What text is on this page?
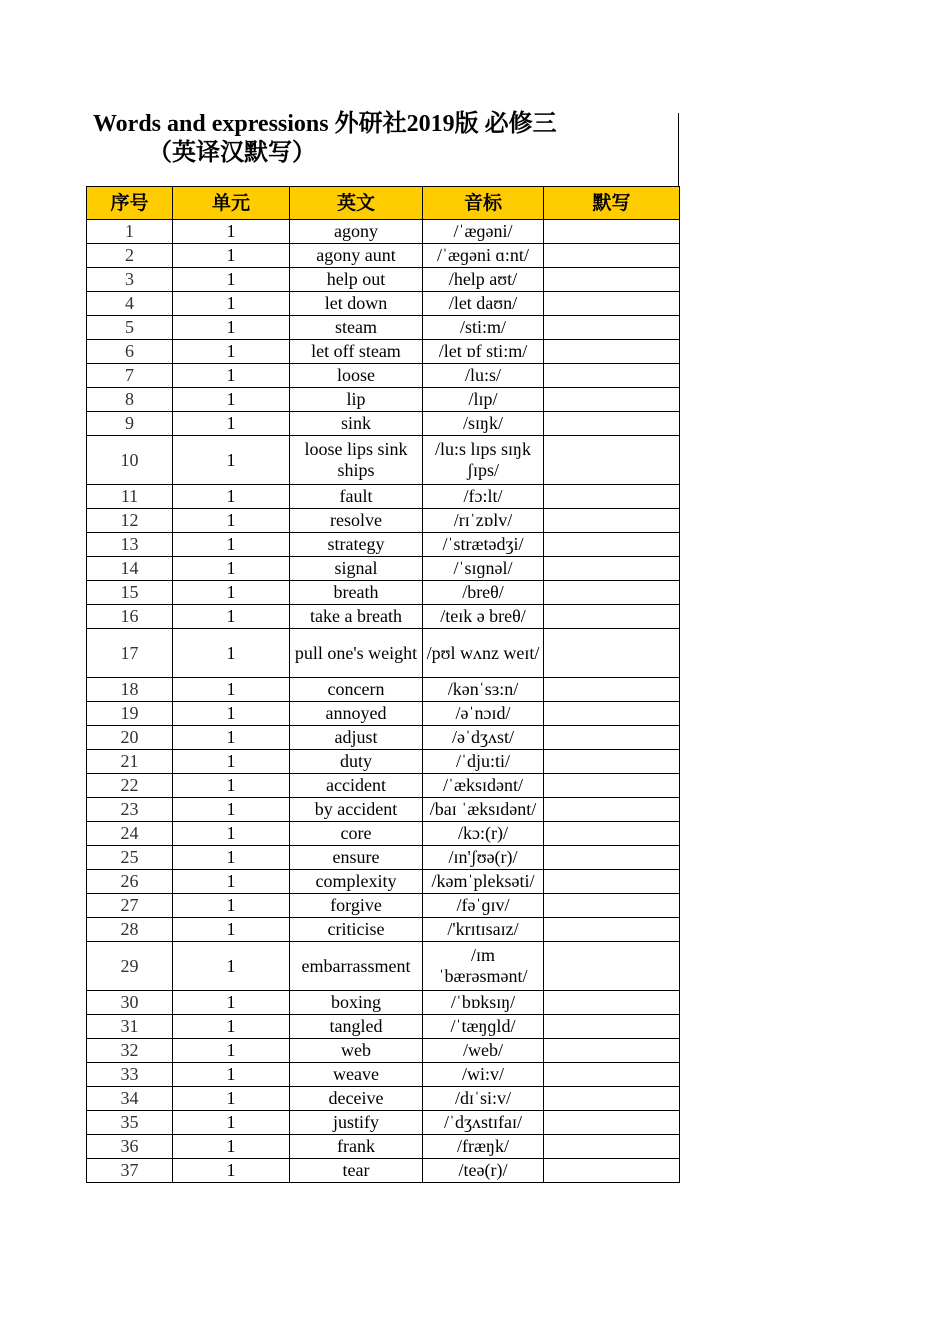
Words and expressions 外研社2019版 必修三
（英译汉默写）
序号	单元	英文	音标	默写
1	1	agony	/ˈæɡəni/	
2	1	agony aunt	/ˈæɡəni ɑ:nt/	
3	1	help out	/help aʊt/	
4	1	let down	/let daʊn/	
5	1	steam	/sti:m/	
6	1	let off steam	/let ɒf sti:m/	
7	1	loose	/lu:s/	
8	1	lip	/lɪp/	
9	1	sink	/sɪŋk/	
10	1	loose lips sink ships	/lu:s lɪps sɪŋk ʃɪps/	
11	1	fault	/fɔ:lt/	
12	1	resolve	/rɪˈzɒlv/	
13	1	strategy	/ˈstrætədʒi/	
14	1	signal	/ˈsɪɡnəl/	
15	1	breath	/breθ/	
16	1	take a breath	/teɪk ə breθ/	
17	1	pull one's weight	/pʊl wʌnz weɪt/	
18	1	concern	/kənˈsɜ:n/	
19	1	annoyed	/əˈnɔɪd/	
20	1	adjust	/əˈdʒʌst/	
21	1	duty	/ˈdju:ti/	
22	1	accident	/ˈæksɪdənt/	
23	1	by accident	/baɪ ˈæksɪdənt/	
24	1	core	/kɔ:(r)/	
25	1	ensure	/ɪn'ʃʊə(r)/	
26	1	complexity	/kəmˈpleksəti/	
27	1	forgive	/fəˈɡɪv/	
28	1	criticise	/'krɪtɪsaɪz/	
29	1	embarrassment	/ɪm ˈbærəsmənt/	
30	1	boxing	/ˈbɒksɪŋ/	
31	1	tangled	/ˈtæŋɡld/	
32	1	web	/web/	
33	1	weave	/wi:v/	
34	1	deceive	/dɪˈsi:v/	
35	1	justify	/ˈdʒʌstɪfaɪ/	
36	1	frank	/fræŋk/	
37	1	tear	/teə(r)/	
